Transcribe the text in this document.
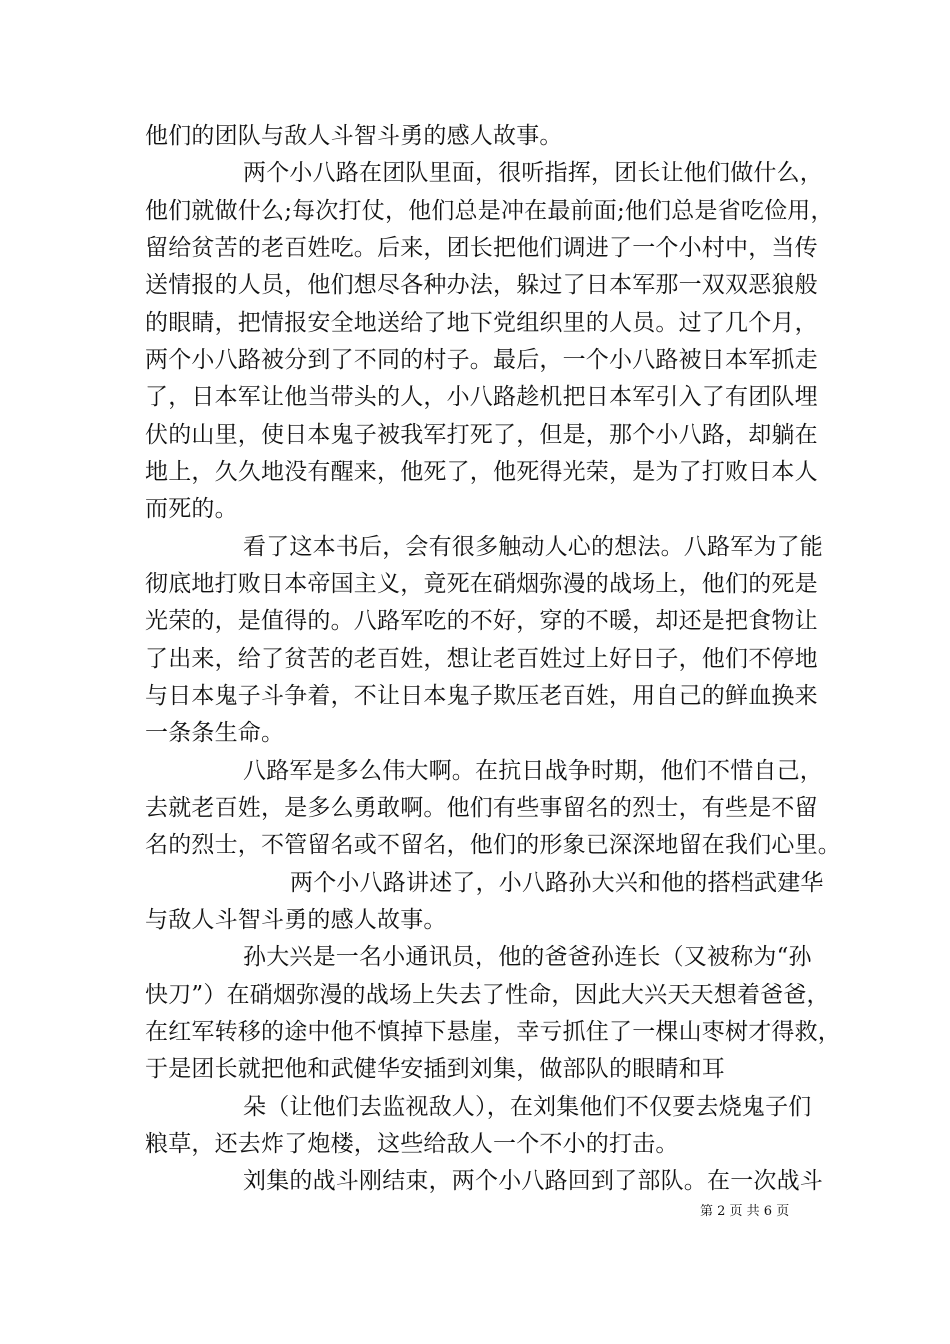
他们的团队与敌人斗智斗勇的感人故事。
两个小八路在团队里面，很听指挥，团长让他们做什么，
他们就做什么;每次打仗，他们总是冲在最前面;他们总是省吃俭用，
留给贫苦的老百姓吃。后来，团长把他们调进了一个小村中，当传
送情报的人员，他们想尽各种办法，躲过了日本军那一双双恶狼般
的眼睛，把情报安全地送给了地下党组织里的人员。过了几个月，
两个小八路被分到了不同的村子。最后，一个小八路被日本军抓走
了，日本军让他当带头的人，小八路趁机把日本军引入了有团队埋
伏的山里，使日本鬼子被我军打死了，但是，那个小八路，却躺在
地上，久久地没有醒来，他死了，他死得光荣，是为了打败日本人
而死的。
看了这本书后，会有很多触动人心的想法。八路军为了能
彻底地打败日本帝国主义，竟死在硝烟弥漫的战场上，他们的死是
光荣的，是值得的。八路军吃的不好，穿的不暖，却还是把食物让
了出来，给了贫苦的老百姓，想让老百姓过上好日子，他们不停地
与日本鬼子斗争着，不让日本鬼子欺压老百姓，用自己的鲜血换来
一条条生命。
八路军是多么伟大啊。在抗日战争时期，他们不惜自己，
去就老百姓，是多么勇敢啊。他们有些事留名的烈士，有些是不留
名的烈士，不管留名或不留名，他们的形象已深深地留在我们心里。
两个小八路讲述了，小八路孙大兴和他的搭档武建华
与敌人斗智斗勇的感人故事。
孙大兴是一名小通讯员，他的爸爸孙连长（又被称为“孙
快刀”）在硝烟弥漫的战场上失去了性命，因此大兴天天想着爸爸，
在红军转移的途中他不慎掉下悬崖，幸亏抓住了一棵山枣树才得救，
于是团长就把他和武健华安插到刘集，做部队的眼睛和耳
朵（让他们去监视敌人），在刘集他们不仅要去烧鬼子们
粮草，还去炸了炮楼，这些给敌人一个不小的打击。
刘集的战斗刚结束，两个小八路回到了部队。在一次战斗
第 2 页 共 6 页
